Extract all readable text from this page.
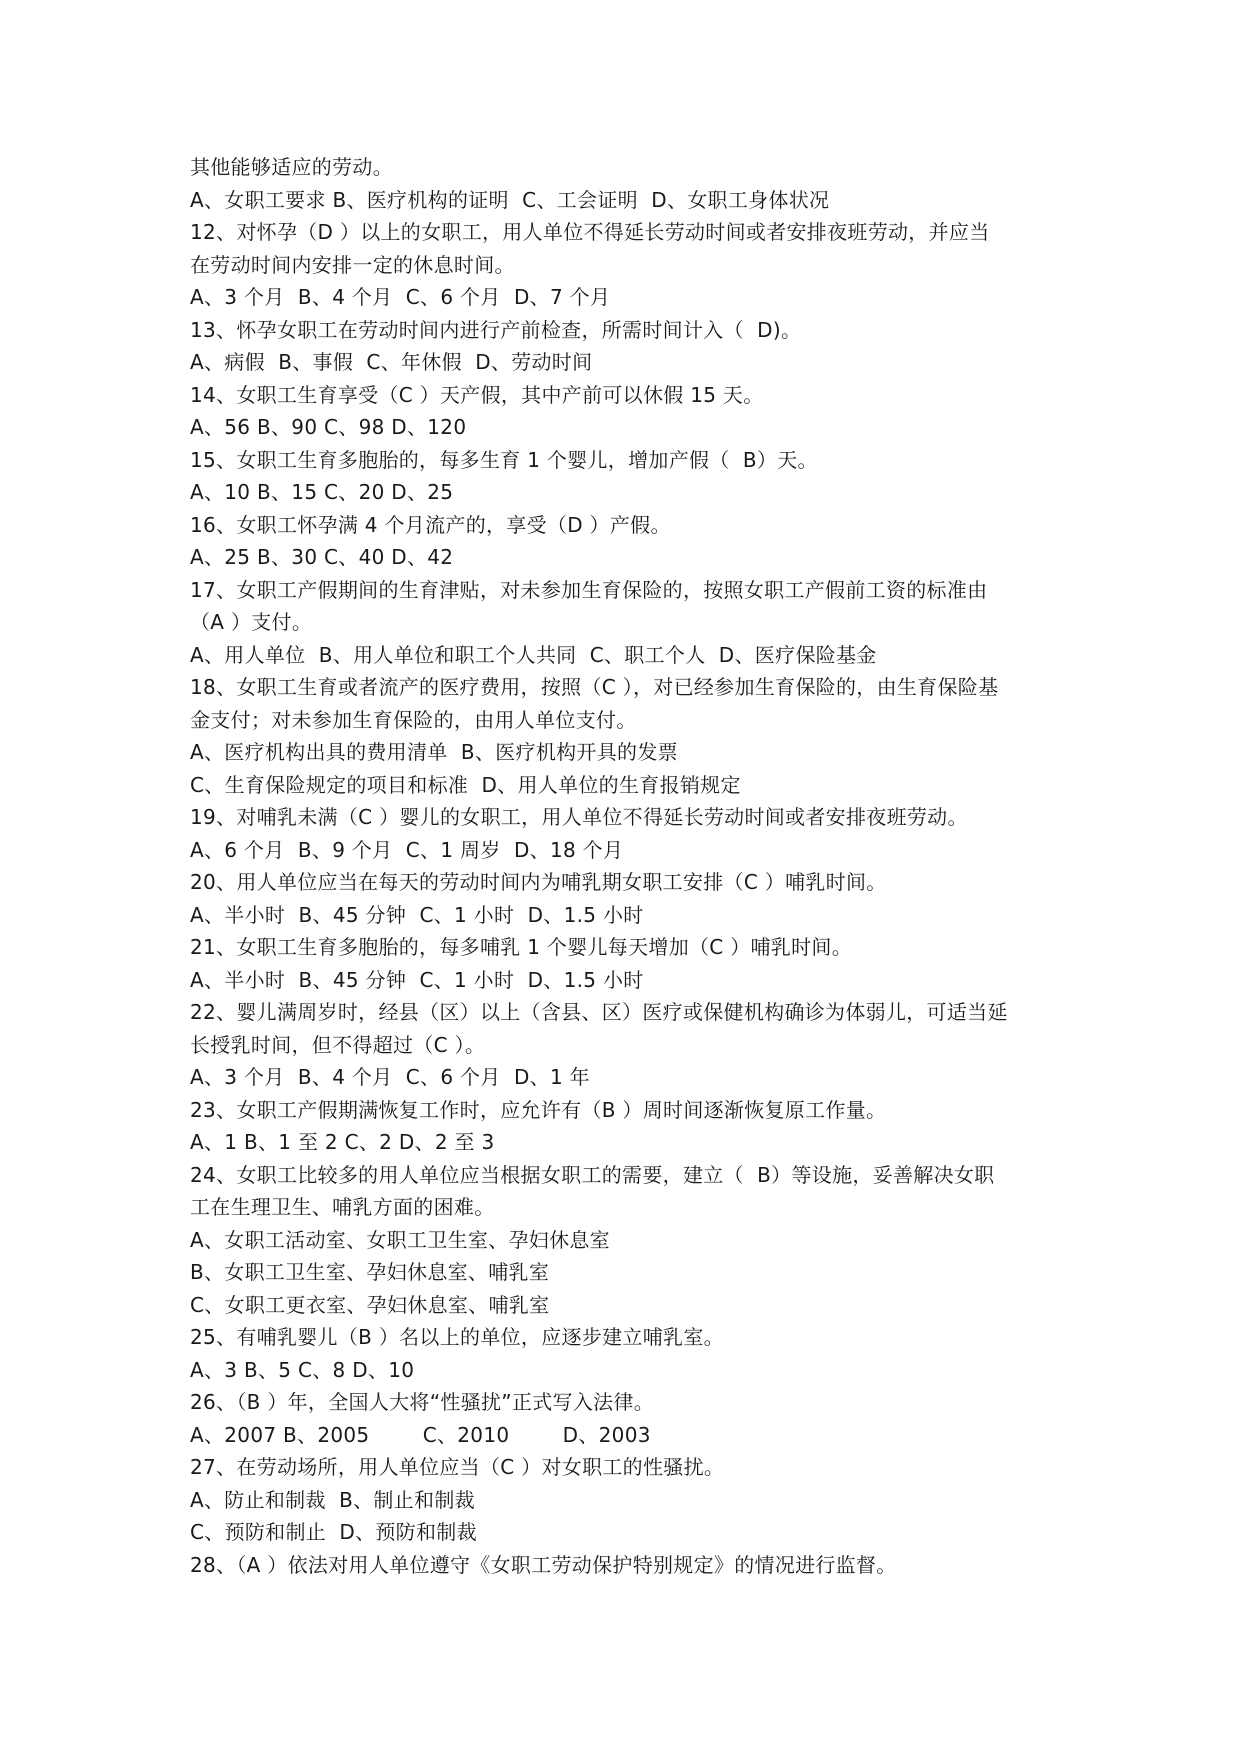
其他能够适应的劳动。
A、女职工要求 B、医疗机构的证明  C、工会证明  D、女职工身体状况
12、对怀孕（D ）以上的女职工，用人单位不得延长劳动时间或者安排夜班劳动，并应当
在劳动时间内安排一定的休息时间。
A、3 个月  B、4 个月  C、6 个月  D、7 个月
13、怀孕女职工在劳动时间内进行产前检查，所需时间计入（  D)。
A、病假  B、事假  C、年休假  D、劳动时间
14、女职工生育享受（C ）天产假，其中产前可以休假 15 天。
A、56 B、90 C、98 D、120
15、女职工生育多胞胎的，每多生育 1 个婴儿，增加产假（  B）天。
A、10 B、15 C、20 D、25
16、女职工怀孕满 4 个月流产的，享受（D ）产假。
A、25 B、30 C、40 D、42
17、女职工产假期间的生育津贴，对未参加生育保险的，按照女职工产假前工资的标准由
（A ）支付。
A、用人单位  B、用人单位和职工个人共同  C、职工个人  D、医疗保险基金
18、女职工生育或者流产的医疗费用，按照（C ），对已经参加生育保险的，由生育保险基
金支付；对未参加生育保险的，由用人单位支付。
A、医疗机构出具的费用清单  B、医疗机构开具的发票
C、生育保险规定的项目和标准  D、用人单位的生育报销规定
19、对哺乳未满（C ）婴儿的女职工，用人单位不得延长劳动时间或者安排夜班劳动。
A、6 个月  B、9 个月  C、1 周岁  D、18 个月
20、用人单位应当在每天的劳动时间内为哺乳期女职工安排（C ）哺乳时间。
A、半小时  B、45 分钟  C、1 小时  D、1.5 小时
21、女职工生育多胞胎的，每多哺乳 1 个婴儿每天增加（C ）哺乳时间。
A、半小时  B、45 分钟  C、1 小时  D、1.5 小时
22、婴儿满周岁时，经县（区）以上（含县、区）医疗或保健机构确诊为体弱儿，可适当延
长授乳时间，但不得超过（C ）。
A、3 个月  B、4 个月  C、6 个月  D、1 年
23、女职工产假期满恢复工作时，应允许有（B ）周时间逐渐恢复原工作量。
A、1 B、1 至 2 C、2 D、2 至 3
24、女职工比较多的用人单位应当根据女职工的需要，建立（  B）等设施，妥善解决女职
工在生理卫生、哺乳方面的困难。
A、女职工活动室、女职工卫生室、孕妇休息室
B、女职工卫生室、孕妇休息室、哺乳室
C、女职工更衣室、孕妇休息室、哺乳室
25、有哺乳婴儿（B ）名以上的单位，应逐步建立哺乳室。
A、3 B、5 C、8 D、10
26、（B ）年，全国人大将“性骚扰”正式写入法律。
A、2007 B、2005        C、2010        D、2003
27、在劳动场所，用人单位应当（C ）对女职工的性骚扰。
A、防止和制裁  B、制止和制裁
C、预防和制止  D、预防和制裁
28、（A ）依法对用人单位遵守《女职工劳动保护特别规定》的情况进行监督。
